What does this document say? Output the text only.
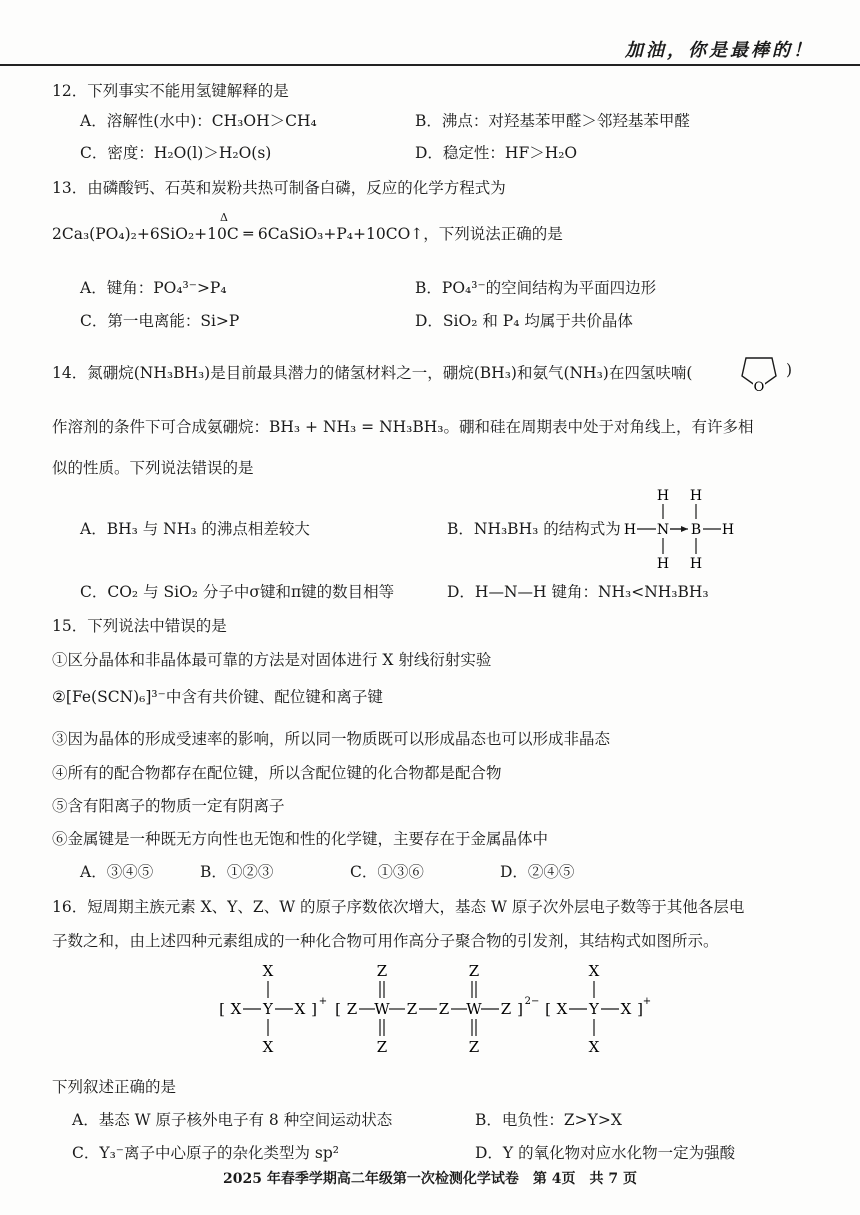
加油，你是最棒的！
12．下列事实不能用氢键解释的是
A．溶解性(水中)：CH₃OH＞CH₄	B．沸点：对羟基苯甲醛＞邻羟基苯甲醛
C．密度：H₂O(l)＞H₂O(s)	D．稳定性：HF＞H₂O
13．由磷酸钙、石英和炭粉共热可制备白磷，反应的化学方程式为
Δ
2Ca₃(PO₄)₂+6SiO₂+10C ═ 6CaSiO₃+P₄+10CO↑，下列说法正确的是
A．键角：PO₄³⁻>P₄	B．PO₄³⁻的空间结构为平面四边形
C．第一电离能：Si>P	D．SiO₂ 和 P₄ 均属于共价晶体
14．氮硼烷(NH₃BH₃)是目前最具潜力的储氢材料之一，硼烷(BH₃)和氨气(NH₃)在四氢呋喃(
O
)
作溶剂的条件下可合成氨硼烷：BH₃ + NH₃ = NH₃BH₃。硼和硅在周期表中处于对角线上，有许多相
似的性质。下列说法错误的是
A．BH₃ 与 NH₃ 的沸点相差较大	B．NH₃BH₃ 的结构式为
H H
H N B H
H H
C．CO₂ 与 SiO₂ 分子中σ键和π键的数目相等	D．H—N—H 键角：NH₃<NH₃BH₃
15．下列说法中错误的是
①区分晶体和非晶体最可靠的方法是对固体进行 X 射线衍射实验
②[Fe(SCN)₆]³⁻中含有共价键、配位键和离子键
③因为晶体的形成受速率的影响，所以同一物质既可以形成晶态也可以形成非晶态
④所有的配合物都存在配位键，所以含配位键的化合物都是配合物
⑤含有阳离子的物质一定有阴离子
⑥金属键是一种既无方向性也无饱和性的化学键，主要存在于金属晶体中
A．③④⑤	B．①②③	C．①③⑥	D．②④⑤
16．短周期主族元素 X、Y、Z、W 的原子序数依次增大，基态 W 原子次外层电子数等于其他各层电
子数之和，由上述四种元素组成的一种化合物可用作高分子聚合物的引发剂，其结构式如图所示。
X
[ X Y X ] +
X
[ Z
Z
W
Z
Z Z
Z
W
Z
Z ] 2− [ X
X
Y
X
X ] +
下列叙述正确的是
A．基态 W 原子核外电子有 8 种空间运动状态	B．电负性：Z>Y>X
C．Y₃⁻离子中心原子的杂化类型为 sp²	D．Y 的氧化物对应水化物一定为强酸
2025 年春季学期高二年级第一次检测化学试卷　第 4页　共 7 页
